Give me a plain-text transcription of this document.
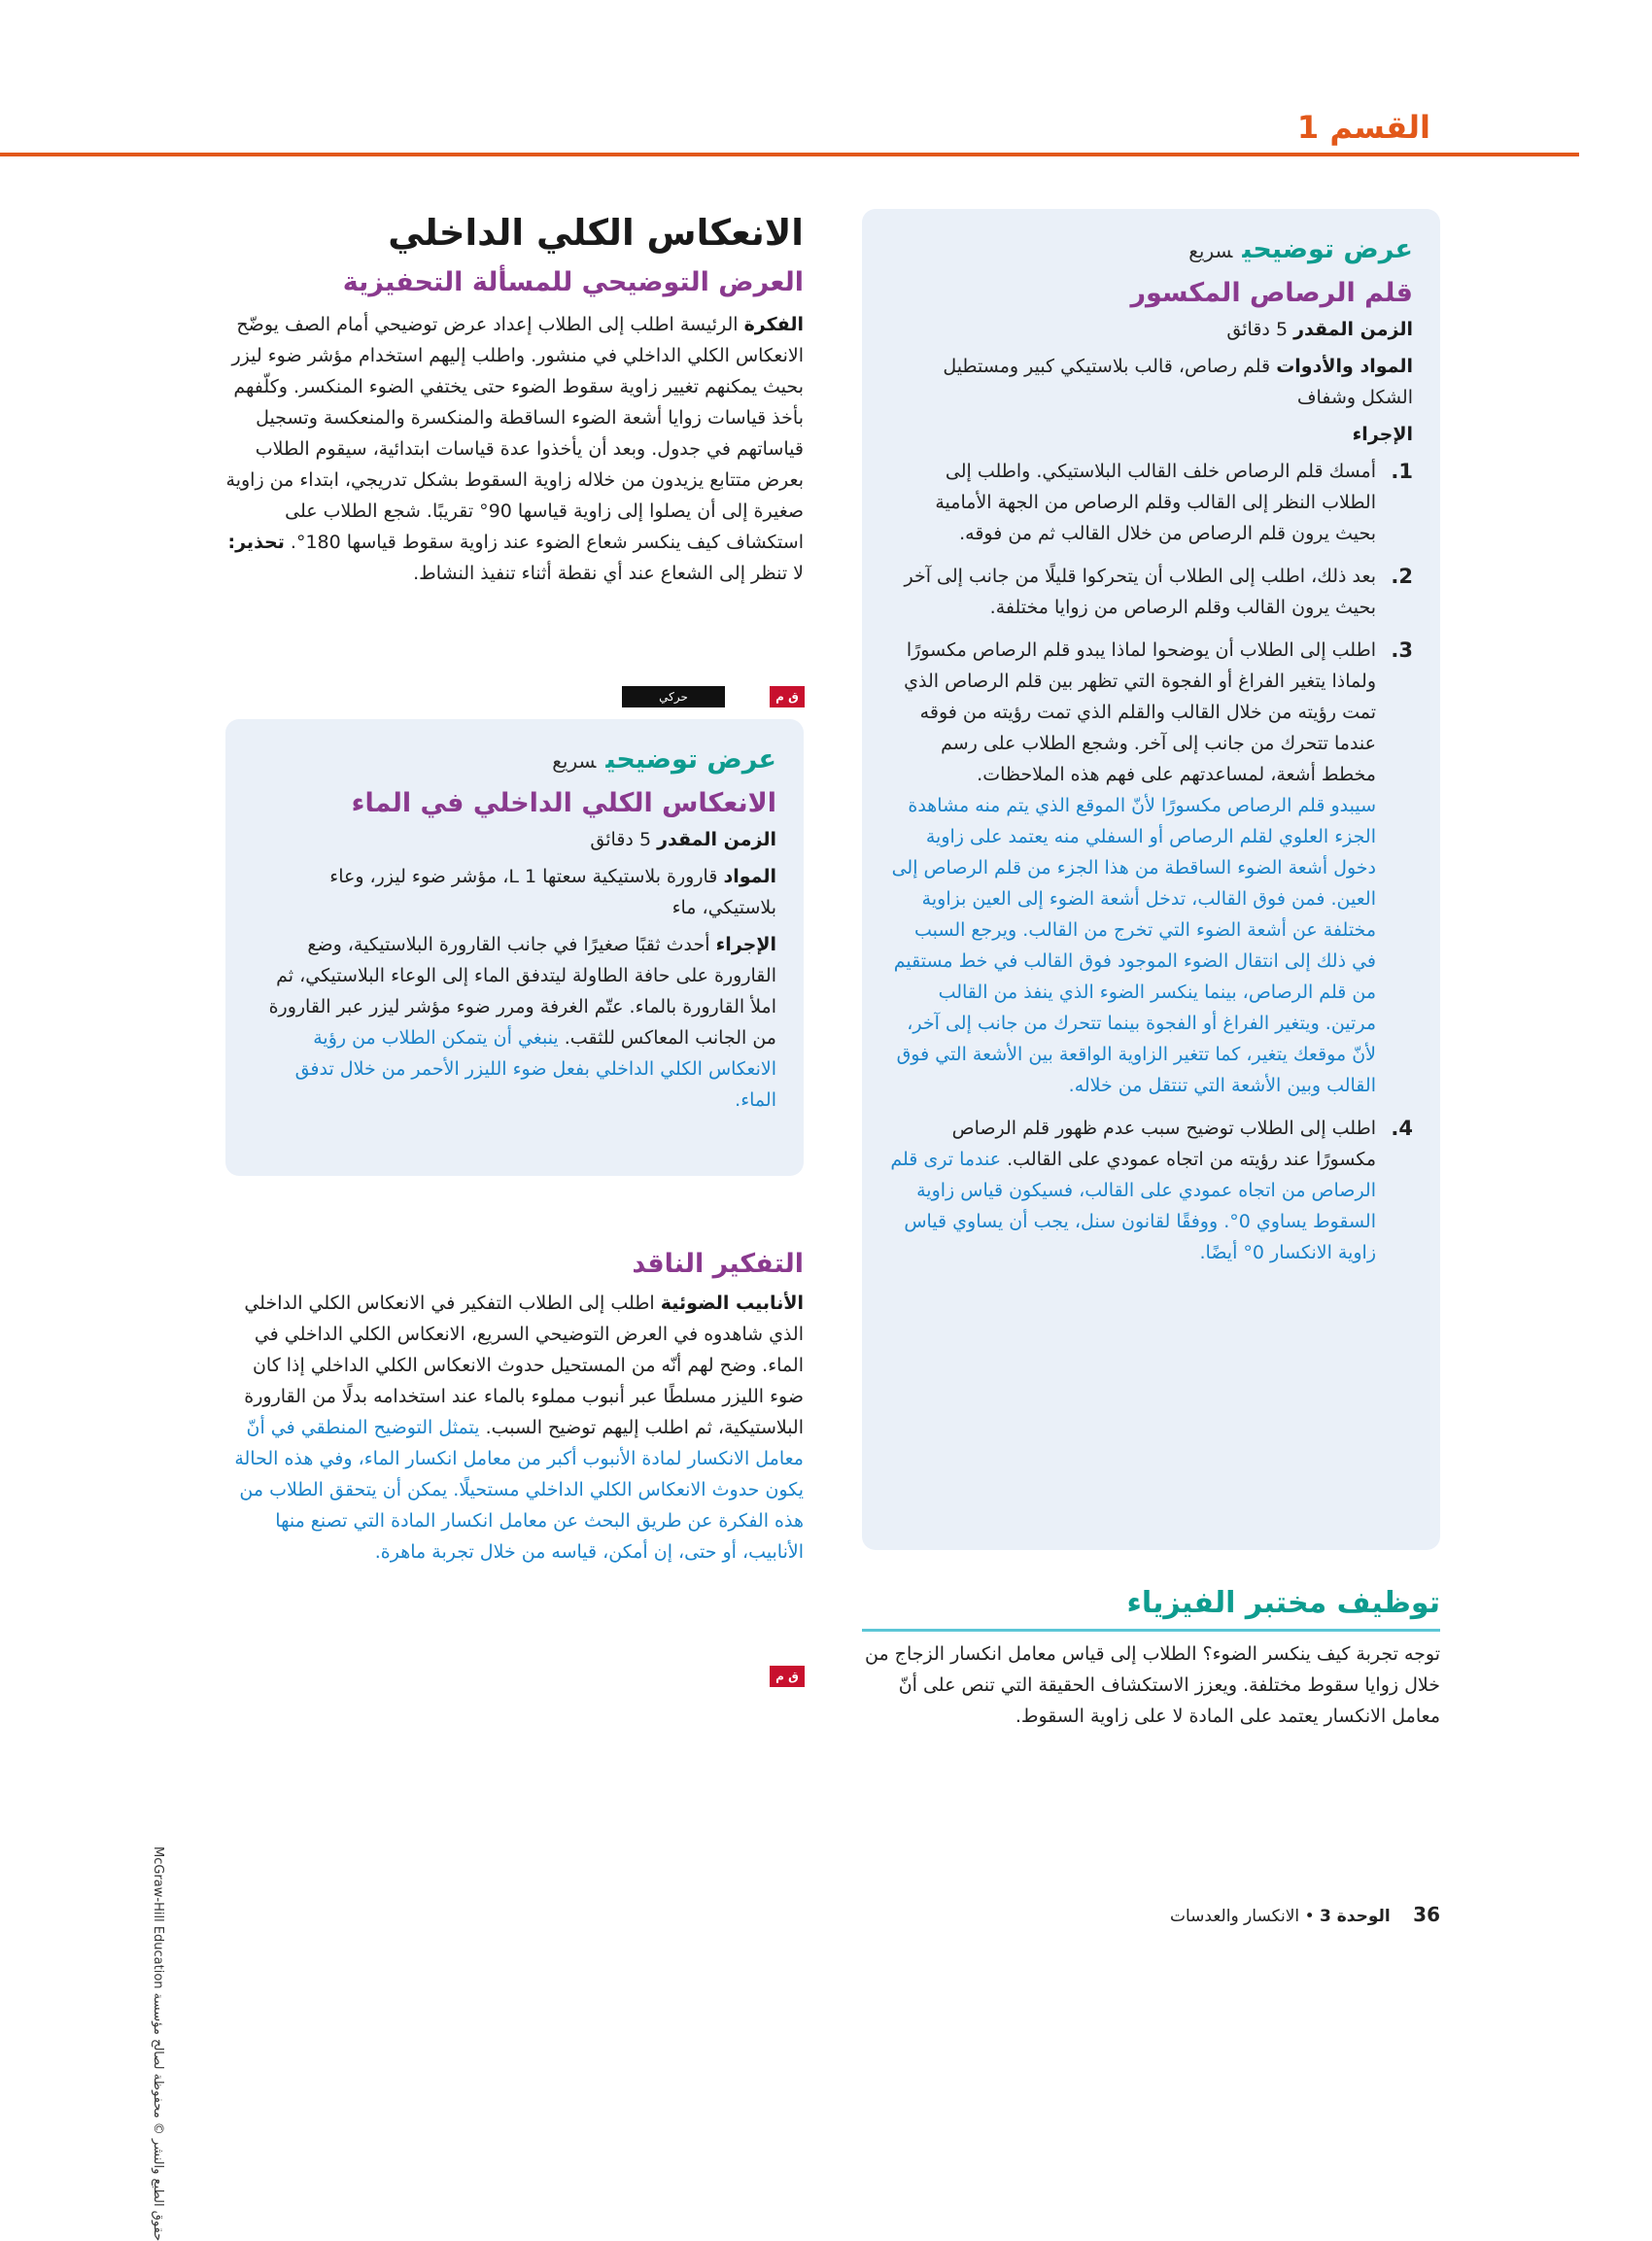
القسم 1
الانعكاس الكلي الداخلي
العرض التوضيحي للمسألة التحفيزية
الفكرة الرئيسة اطلب إلى الطلاب إعداد عرض توضيحي أمام الصف يوضّح الانعكاس الكلي الداخلي في منشور. واطلب إليهم استخدام مؤشر ضوء ليزر بحيث يمكنهم تغيير زاوية سقوط الضوء حتى يختفي الضوء المنكسر. وكلّفهم بأخذ قياسات زوايا أشعة الضوء الساقطة والمنكسرة والمنعكسة وتسجيل قياساتهم في جدول. وبعد أن يأخذوا عدة قياسات ابتدائية، سيقوم الطلاب بعرض متتابع يزيدون من خلاله زاوية السقوط بشكل تدريجي، ابتداء من زاوية صغيرة إلى أن يصلوا إلى زاوية قياسها 90° تقريبًا. شجع الطلاب على استكشاف كيف ينكسر شعاع الضوء عند زاوية سقوط قياسها 180°. تحذير: لا تنظر إلى الشعاع عند أي نقطة أثناء تنفيذ النشاط.
ق م
حركي
عرض توضيحيسريع
الانعكاس الكلي الداخلي في الماء
الزمن المقدر 5 دقائق
المواد قارورة بلاستيكية سعتها 1 L، مؤشر ضوء ليزر، وعاء بلاستيكي، ماء
الإجراء أحدث ثقبًا صغيرًا في جانب القارورة البلاستيكية، وضع القارورة على حافة الطاولة ليتدفق الماء إلى الوعاء البلاستيكي، ثم املأ القارورة بالماء. عتّم الغرفة ومرر ضوء مؤشر ليزر عبر القارورة من الجانب المعاكس للثقب. ينبغي أن يتمكن الطلاب من رؤية الانعكاس الكلي الداخلي بفعل ضوء الليزر الأحمر من خلال تدفق الماء.
التفكير الناقد
الأنابيب الضوئية اطلب إلى الطلاب التفكير في الانعكاس الكلي الداخلي الذي شاهدوه في العرض التوضيحي السريع، الانعكاس الكلي الداخلي في الماء. وضح لهم أنّه من المستحيل حدوث الانعكاس الكلي الداخلي إذا كان ضوء الليزر مسلطًا عبر أنبوب مملوء بالماء عند استخدامه بدلًا من القارورة البلاستيكية، ثم اطلب إليهم توضيح السبب. يتمثل التوضيح المنطقي في أنّ معامل الانكسار لمادة الأنبوب أكبر من معامل انكسار الماء، وفي هذه الحالة يكون حدوث الانعكاس الكلي الداخلي مستحيلًا. يمكن أن يتحقق الطلاب من هذه الفكرة عن طريق البحث عن معامل انكسار المادة التي تصنع منها الأنابيب، أو حتى، إن أمكن، قياسه من خلال تجربة ماهرة.
ق م
عرض توضيحيسريع
قلم الرصاص المكسور
الزمن المقدر 5 دقائق
المواد والأدوات قلم رصاص، قالب بلاستيكي كبير ومستطيل الشكل وشفاف
الإجراء
1.
أمسك قلم الرصاص خلف القالب البلاستيكي. واطلب إلى الطلاب النظر إلى القالب وقلم الرصاص من الجهة الأمامية بحيث يرون قلم الرصاص من خلال القالب ثم من فوقه.
2.
بعد ذلك، اطلب إلى الطلاب أن يتحركوا قليلًا من جانب إلى آخر بحيث يرون القالب وقلم الرصاص من زوايا مختلفة.
3.
اطلب إلى الطلاب أن يوضحوا لماذا يبدو قلم الرصاص مكسورًا ولماذا يتغير الفراغ أو الفجوة التي تظهر بين قلم الرصاص الذي تمت رؤيته من خلال القالب والقلم الذي تمت رؤيته من فوقه عندما تتحرك من جانب إلى آخر. وشجع الطلاب على رسم مخطط أشعة، لمساعدتهم على فهم هذه الملاحظات.
سيبدو قلم الرصاص مكسورًا لأنّ الموقع الذي يتم منه مشاهدة الجزء العلوي لقلم الرصاص أو السفلي منه يعتمد على زاوية دخول أشعة الضوء الساقطة من هذا الجزء من قلم الرصاص إلى العين. فمن فوق القالب، تدخل أشعة الضوء إلى العين بزاوية مختلفة عن أشعة الضوء التي تخرج من القالب. ويرجع السبب في ذلك إلى انتقال الضوء الموجود فوق القالب في خط مستقيم من قلم الرصاص، بينما ينكسر الضوء الذي ينفذ من القالب مرتين. ويتغير الفراغ أو الفجوة بينما تتحرك من جانب إلى آخر، لأنّ موقعك يتغير، كما تتغير الزاوية الواقعة بين الأشعة التي فوق القالب وبين الأشعة التي تنتقل من خلاله.
4.
اطلب إلى الطلاب توضيح سبب عدم ظهور قلم الرصاص مكسورًا عند رؤيته من اتجاه عمودي على القالب. عندما ترى قلم الرصاص من اتجاه عمودي على القالب، فسيكون قياس زاوية السقوط يساوي 0°. ووفقًا لقانون سنل، يجب أن يساوي قياس زاوية الانكسار 0° أيضًا.
توظيف مختبر الفيزياء
توجه تجربة كيف ينكسر الضوء؟ الطلاب إلى قياس معامل انكسار الزجاج من خلال زوايا سقوط مختلفة. ويعزز الاستكشاف الحقيقة التي تنص على أنّ معامل الانكسار يعتمد على المادة لا على زاوية السقوط.
36 الوحدة 3 • الانكسار والعدسات
حقوق الطبع والنشر © محفوظة لصالح مؤسسة McGraw-Hill Education
